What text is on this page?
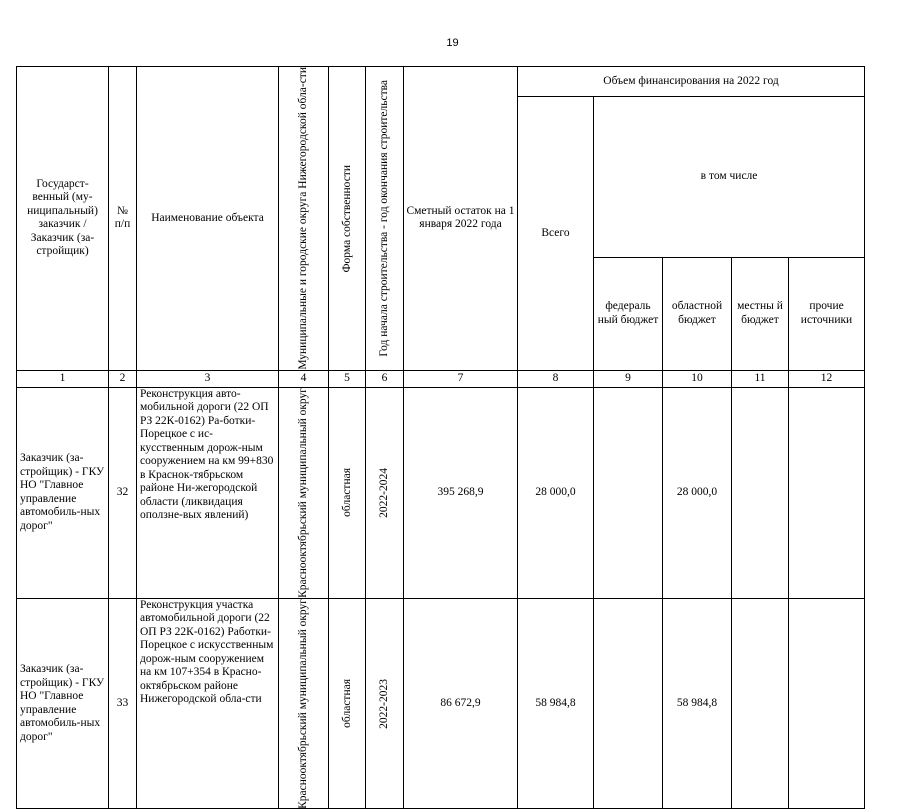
19
Государст-венный (му-ниципальный) заказчик / Заказчик (за-стройщик)	№ п/п	Наименование объекта	Муниципальные и городские округа Нижегородской обла-сти	Форма собственности	Год начала строительства - год окончания строительства	Сметный остаток на 1 января 2022 года	Объем финансирования на 2022 год				
							Всего	в том числе			
								федераль ный бюджет	областной бюджет	местны й бюджет	прочие источники
1	2	3	4	5	6	7	8	9	10	11	12
Заказчик (за-стройщик) - ГКУ НО "Главное управление автомобиль-ных дорог"	32	Реконструкция авто-мобильной дороги (22 ОП РЗ 22К-0162) Ра-ботки-Порецкое с ис-кусственным дорож-ным сооружением на км 99+830 в Краснок-тябрьском районе Ни-жегородской области (ликвидация оползне-вых явлений)	Краснооктябрьский муниципальный округ	областная	2022-2024	395 268,9	28 000,0		28 000,0		
Заказчик (за-стройщик) - ГКУ НО "Главное управление автомобиль-ных дорог"	33	Реконструкция участка автомобильной дороги (22 ОП РЗ 22К-0162) Работки-Порецкое с искусственным дорож-ным сооружением на км 107+354 в Красно-октябрьском районе Нижегородской обла-сти	Краснооктябрьский муниципальный округ	областная	2022-2023	86 672,9	58 984,8		58 984,8		
